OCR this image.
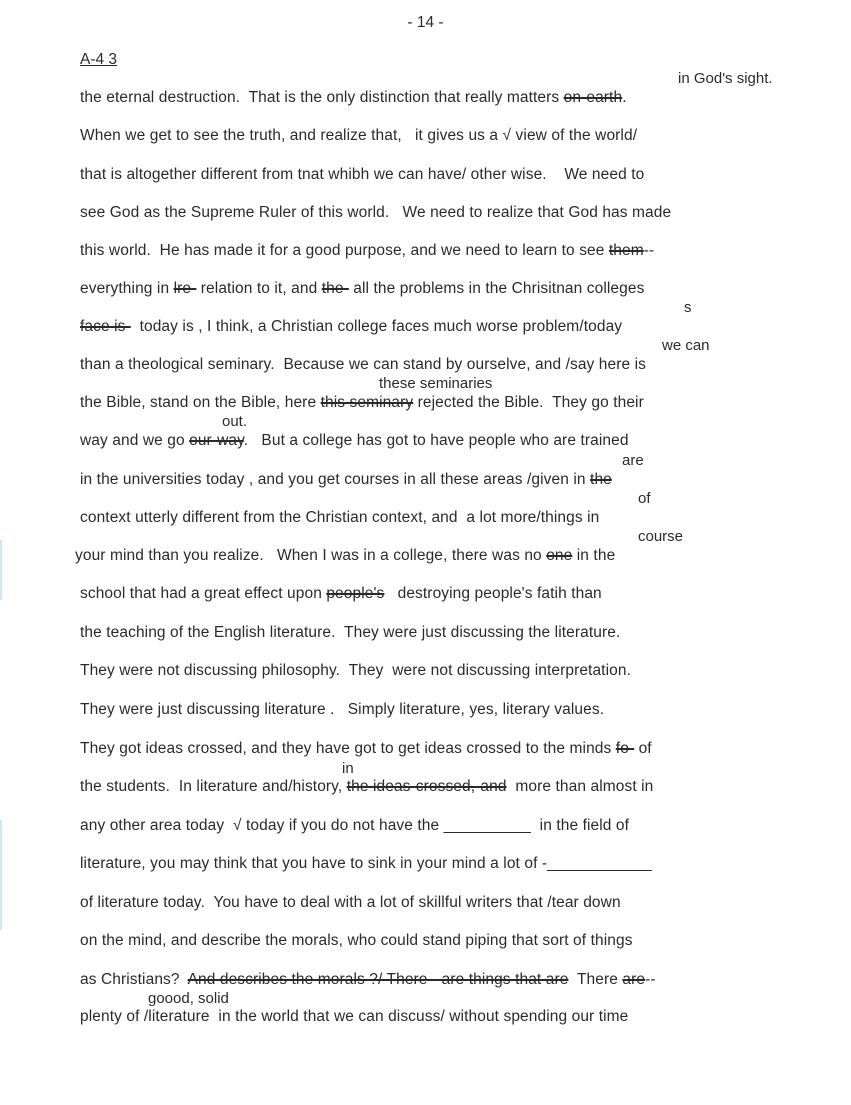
- 14 -
A-4 3
the eternal destruction.  That is the only distinction that really matters on-earth.
When we get to see the truth, and realize that,   it gives us a √ view of the world/
that is altogether different from tnat whibh we can have/ other wise.    We need to
see God as the Supreme Ruler of this world.   We need to realize that God has made
this world.  He has made it for a good purpose, and we need to learn to see them--
everything in lre- relation to it, and the- all the problems in the Chrisitnan colleges
face is-  today is , I think, a Christian college faces much worse problem/today
than a theological seminary.  Because we can stand by ourselve, and /say here is
the Bible, stand on the Bible, here this seminary rejected the Bible.  They go their
way and we go our-way.   But a college has got to have people who are trained
in the universities today , and you get courses in all these areas /given in the
context utterly different from the Christian context, and  a lot more/things in
your mind than you realize.   When I was in a college, there was no one in the
school that had a great effect upon people's   destroying people's fatih than
the teaching of the English literature.  They were just discussing the literature.
They were not discussing philosophy.  They  were not discussing interpretation.
They were just discussing literature .   Simply literature, yes, literary values.
They got ideas crossed, and they have got to get ideas crossed to the minds fo- of
the students.  In literature and/history, the ideas-crossed,-and  more than almost in
any other area today  √ today if you do not have the __________  in the field of
literature, you may think that you have to sink in your mind a lot of -____________
of literature today.  You have to deal with a lot of skillful writers that /tear down
on the mind, and describe the morals, who could stand piping that sort of things
as Christians?  And describes the morals ?/ There - are things that are  There are--
plenty of /literature  in the world that we can discuss/ without spending our time
in God's sight.
s
we can
these seminaries
out.
are
of
course
in
goood, solid
